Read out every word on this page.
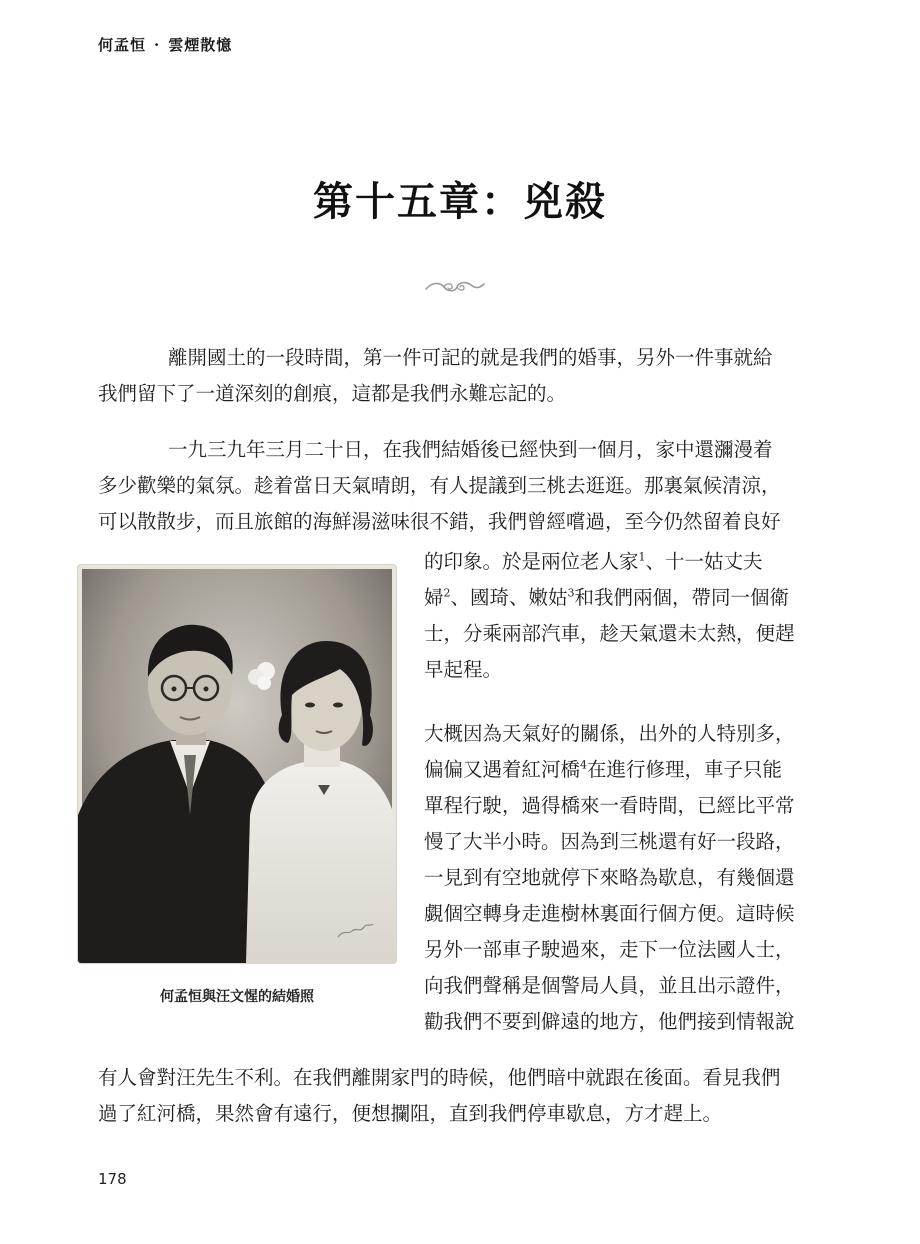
何孟恒 · 雲煙散憶
第十五章：兇殺
離開國土的一段時間，第一件可記的就是我們的婚事，另外一件事就給
我們留下了一道深刻的創痕，這都是我們永難忘記的。
一九三九年三月二十日，在我們結婚後已經快到一個月，家中還瀰漫着
多少歡樂的氣氛。趁着當日天氣晴朗，有人提議到三桃去逛逛。那裏氣候清涼，
可以散散步，而且旅館的海鮮湯滋味很不錯，我們曾經嚐過，至今仍然留着良好
的印象。於是兩位老人家$^1$、十一姑丈夫
婦$^2$、國琦、嫩姑$^3$和我們兩個，帶同一個衛
士，分乘兩部汽車，趁天氣還未太熱，便趕
早起程。
大概因為天氣好的關係，出外的人特別多，
偏偏又遇着紅河橋$^4$在進行修理，車子只能
單程行駛，過得橋來一看時間，已經比平常
慢了大半小時。因為到三桃還有好一段路，
一見到有空地就停下來略為歇息，有幾個還
覷個空轉身走進樹林裏面行個方便。這時候
另外一部車子駛過來，走下一位法國人士，
向我們聲稱是個警局人員，並且出示證件，
勸我們不要到僻遠的地方，他們接到情報說
有人會對汪先生不利。在我們離開家門的時候，他們暗中就跟在後面。看見我們
過了紅河橋，果然會有遠行，便想攔阻，直到我們停車歇息，方才趕上。
何孟恒與汪文惺的結婚照
178
